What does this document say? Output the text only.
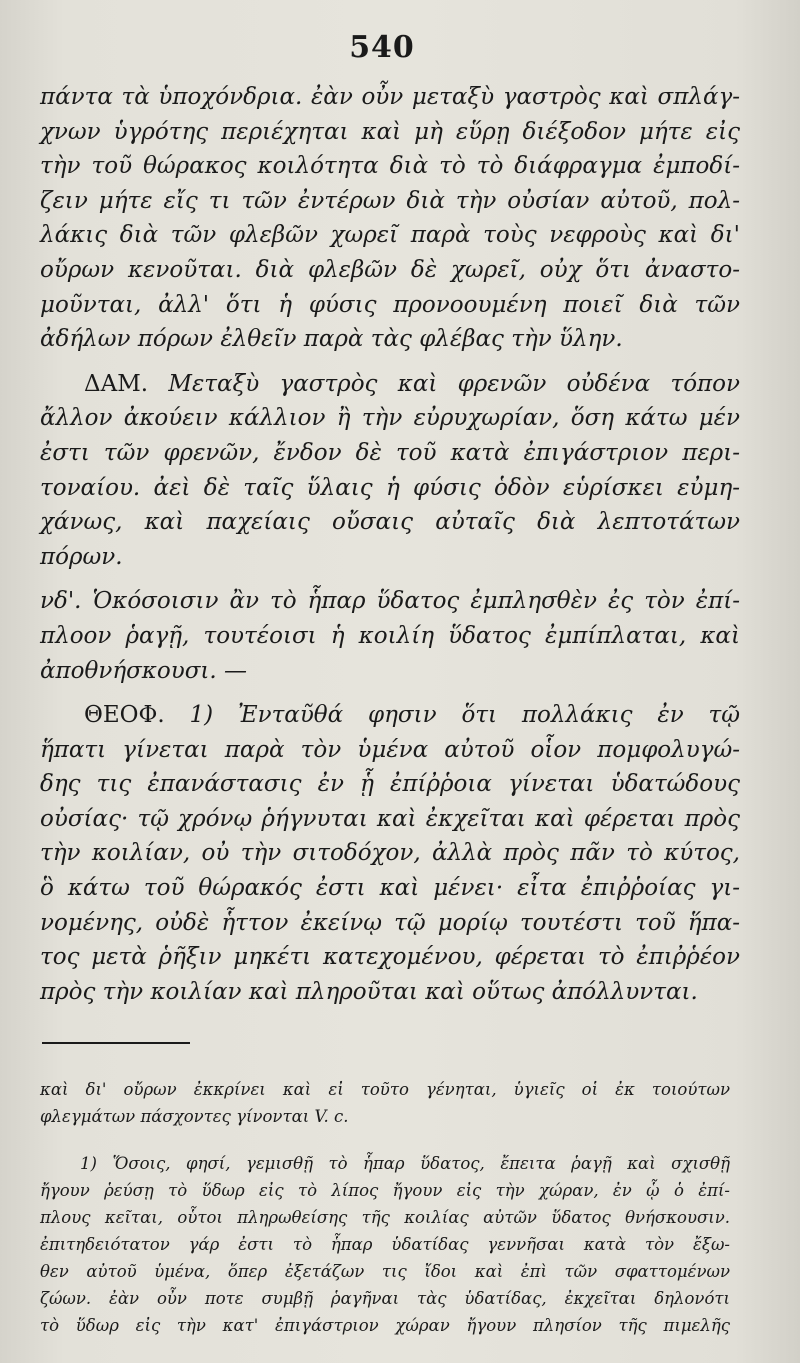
540
πάντα τὰ ὑποχόνδρια. ἐὰν οὖν μεταξὺ γαστρὸς καὶ σπλάγ-
χνων ὑγρότης περιέχηται καὶ μὴ εὕρῃ διέξοδον μήτε εἰς
τὴν τοῦ θώρακος κοιλότητα διὰ τὸ τὸ διάφραγμα ἐμποδί-
ζειν μήτε εἴς τι τῶν ἐντέρων διὰ τὴν οὐσίαν αὐτοῦ, πολ-
λάκις διὰ τῶν φλεβῶν χωρεῖ παρὰ τοὺς νεφροὺς καὶ δι'
οὔρων κενοῦται. διὰ φλεβῶν δὲ χωρεῖ, οὐχ ὅτι ἀναστο-
μοῦνται, ἀλλ' ὅτι ἡ φύσις προνοουμένη ποιεῖ διὰ τῶν
ἀδήλων πόρων ἐλθεῖν παρὰ τὰς φλέβας τὴν ὕλην.
ΔΑΜ. Μεταξὺ γαστρὸς καὶ φρενῶν οὐδένα τόπον
ἄλλον ἀκούειν κάλλιον ἢ τὴν εὐρυχωρίαν, ὅση κάτω μέν
ἐστι τῶν φρενῶν, ἔνδον δὲ τοῦ κατὰ ἐπιγάστριον περι-
τοναίου. ἀεὶ δὲ ταῖς ὕλαις ἡ φύσις ὁδὸν εὑρίσκει εὐμη-
χάνως, καὶ παχείαις οὔσαις αὐταῖς διὰ λεπτοτάτων
πόρων.
νδ'. Ὁκόσοισιν ἂν τὸ ἧπαρ ὕδατος ἐμπλησθὲν ἐς τὸν ἐπί-
πλοον ῥαγῇ, τουτέοισι ἡ κοιλίη ὕδατος ἐμπίπλαται, καὶ
ἀποθνήσκουσι. —
ΘΕΟΦ. 1) Ἐνταῦθά φησιν ὅτι πολλάκις ἐν τῷ
ἥπατι γίνεται παρὰ τὸν ὑμένα αὐτοῦ οἷον πομφολυγώ-
δης τις ἐπανάστασις ἐν ᾗ ἐπίῤῥοια γίνεται ὑδατώδους
οὐσίας· τῷ χρόνῳ ῥήγνυται καὶ ἐκχεῖται καὶ φέρεται πρὸς
τὴν κοιλίαν, οὐ τὴν σιτοδόχον, ἀλλὰ πρὸς πᾶν τὸ κύτος,
ὃ κάτω τοῦ θώρακός ἐστι καὶ μένει· εἶτα ἐπιῤῥοίας γι-
νομένης, οὐδὲ ἧττον ἐκείνῳ τῷ μορίῳ τουτέστι τοῦ ἥπα-
τος μετὰ ῥῆξιν μηκέτι κατεχομένου, φέρεται τὸ ἐπιῤῥέον
πρὸς τὴν κοιλίαν καὶ πληροῦται καὶ οὕτως ἀπόλλυνται.
καὶ δι' οὔρων ἐκκρίνει καὶ εἰ τοῦτο γένηται, ὑγιεῖς οἱ ἐκ τοιούτων
φλεγμάτων πάσχοντες γίνονται V. c.
1) Ὅσοις, φησί, γεμισθῇ τὸ ἧπαρ ὕδατος, ἔπειτα ῥαγῇ καὶ σχισθῇ
ἤγουν ῥεύσῃ τὸ ὕδωρ εἰς τὸ λίπος ἤγουν εἰς τὴν χώραν, ἐν ᾧ ὁ ἐπί-
πλους κεῖται, οὗτοι πληρωθείσης τῆς κοιλίας αὐτῶν ὕδατος θνήσκουσιν.
ἐπιτηδειότατον γάρ ἐστι τὸ ἧπαρ ὑδατίδας γεννῆσαι κατὰ τὸν ἔξω-
θεν αὐτοῦ ὑμένα, ὅπερ ἐξετάζων τις ἴδοι καὶ ἐπὶ τῶν σφαττομένων
ζώων. ἐὰν οὖν ποτε συμβῇ ῥαγῆναι τὰς ὑδατίδας, ἐκχεῖται δηλονότι
τὸ ὕδωρ εἰς τὴν κατ' ἐπιγάστριον χώραν ἤγουν πλησίον τῆς πιμελῆς
